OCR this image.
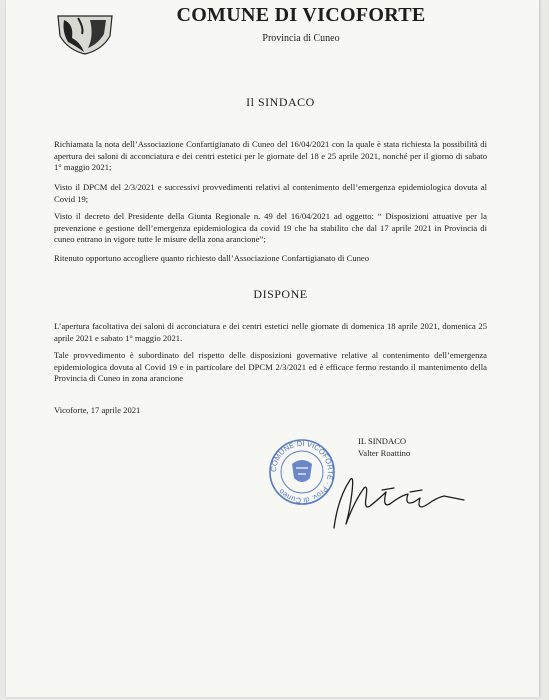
COMUNE DI VICOFORTE
Provincia di Cuneo
Il SINDACO
Richiamata la nota dell’Associazione Confartigianato di Cuneo del 16/04/2021 con la quale è stata richiesta la possibilità di apertura dei saloni di acconciatura e dei centri estetici per le giornate del 18 e 25 aprile 2021, nonché per il giorno di sabato 1° maggio 2021;
Visto il DPCM del 2/3/2021 e successivi provvedimenti relativi al contenimento dell’emergenza epidemiologica dovuta al Covid 19;
Visto il decreto del Presidente della Giunta Regionale n. 49 del 16/04/2021 ad oggetto: “ Disposizioni attuative per la prevenzione e gestione dell’emergenza epidemiologica da covid 19 che ha stabilito che dal 17 aprile 2021 in Provincia di cuneo entrano in vigore tutte le misure della zona arancione”;
Ritenuto opportuno accogliere quanto richiesto dall’Associazione Confartigianato di Cuneo
DISPONE
L’apertura facoltativa dei saloni di acconciatura e dei centri estetici nelle giornate di domenica 18 aprile 2021, domenica 25 aprile 2021 e sabato 1° maggio 2021.
Tale provvedimento è subordinato del rispetto delle disposizioni governative relative al contenimento dell’emergenza epidemiologica dovuta al Covid 19 e in particolare del DPCM 2/3/2021 ed è efficace fermo restando il mantenimento della Provincia di Cuneo in zona arancione
Vicoforte, 17 aprile 2021
IL SINDACO
Valter Roattino
COMUNE DI VICOFORTE · Prov. di Cuneo
